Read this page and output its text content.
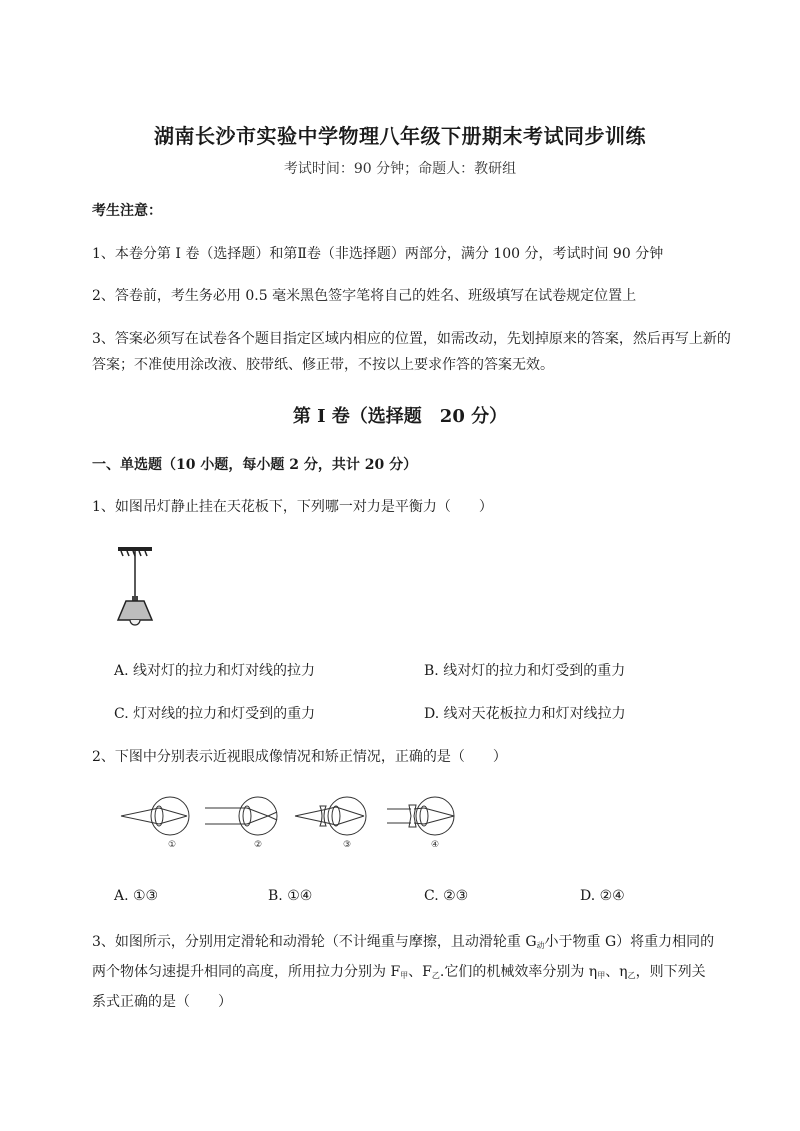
湖南长沙市实验中学物理八年级下册期末考试同步训练
考试时间：90 分钟；命题人：教研组
考生注意：
1、本卷分第 I 卷（选择题）和第Ⅱ卷（非选择题）两部分，满分 100 分，考试时间 90 分钟
2、答卷前，考生务必用 0.5 毫米黑色签字笔将自己的姓名、班级填写在试卷规定位置上
3、答案必须写在试卷各个题目指定区域内相应的位置，如需改动，先划掉原来的答案，然后再写上新的答案；不准使用涂改液、胶带纸、修正带，不按以上要求作答的答案无效。
第 I 卷（选择题　20 分）
一、单选题（10 小题，每小题 2 分，共计 20 分）
1、如图吊灯静止挂在天花板下，下列哪一对力是平衡力（　　）
A. 线对灯的拉力和灯对线的拉力	B. 线对灯的拉力和灯受到的重力
C. 灯对线的拉力和灯受到的重力	D. 线对天花板拉力和灯对线拉力
2、下图中分别表示近视眼成像情况和矫正情况，正确的是（　　）
①	②	③	④
A. ①③	B. ①④	C. ②③	D. ②④
3、如图所示，分别用定滑轮和动滑轮（不计绳重与摩擦，且动滑轮重 $G_动$小于物重 G）将重力相同的
两个物体匀速提升相同的高度，所用拉力分别为 $F_甲$、$F_乙$.它们的机械效率分别为 $\eta_甲$、$\eta_乙$，则下列关
系式正确的是（　　）
